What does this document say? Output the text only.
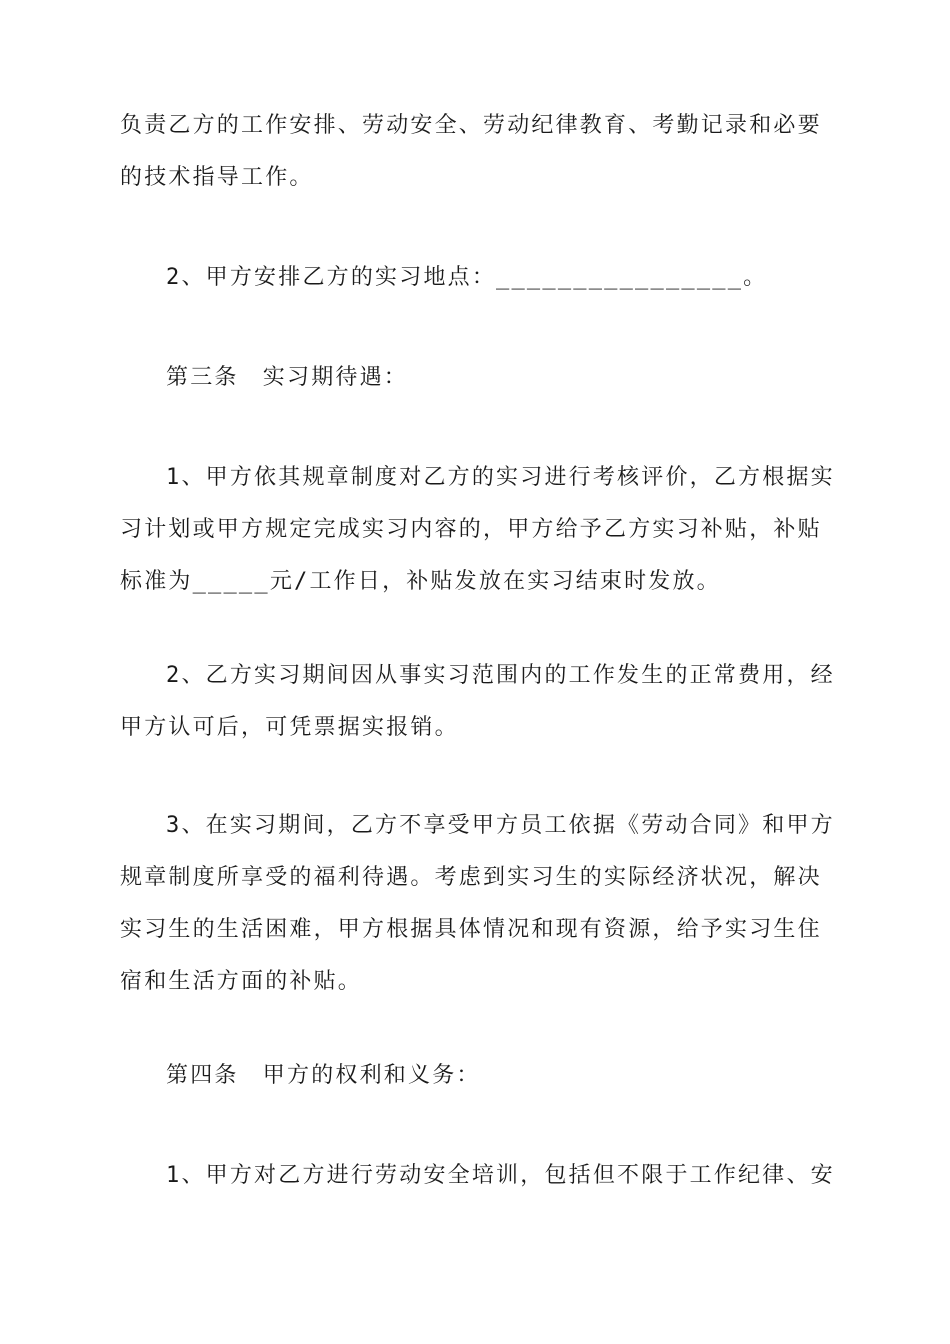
负责乙方的工作安排、劳动安全、劳动纪律教育、考勤记录和必要
的技术指导工作。

2、甲方安排乙方的实习地点：________________。

第三条　实习期待遇：

1、甲方依其规章制度对乙方的实习进行考核评价，乙方根据实
习计划或甲方规定完成实习内容的，甲方给予乙方实习补贴，补贴
标准为_____元/工作日，补贴发放在实习结束时发放。

2、乙方实习期间因从事实习范围内的工作发生的正常费用，经
甲方认可后，可凭票据实报销。

3、在实习期间，乙方不享受甲方员工依据《劳动合同》和甲方
规章制度所享受的福利待遇。考虑到实习生的实际经济状况，解决
实习生的生活困难，甲方根据具体情况和现有资源，给予实习生住
宿和生活方面的补贴。

第四条　甲方的权利和义务：

1、甲方对乙方进行劳动安全培训，包括但不限于工作纪律、安
